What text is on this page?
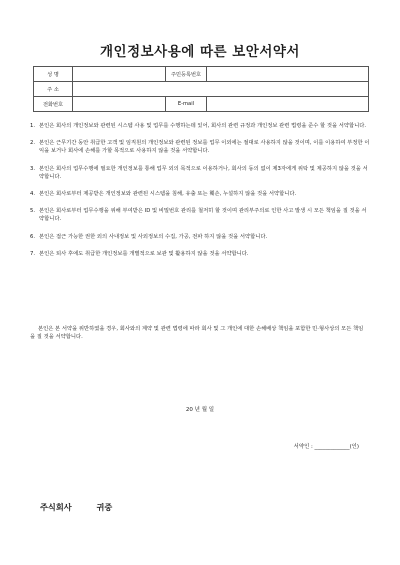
개인정보사용에 따른 보안서약서
성 명		주민등록번호	
주 소			
전화번호		E-mail	
1. 본인은 회사의 개인정보와 관련된 시스템 사용 및 업무를 수행하는데 있어, 회사의 관련 규정과 개인정보 관련 법령을 준수 할 것을 서약합니다.
2. 본인은 근무기간 동안 취급한 고객 및 임직원의 개인정보와 관련된 정보를 업무 이외에는 절대로 사용하지 않을 것이며, 이를 이용하여 부정한 이익을 보거나 회사에 손해를 가할 목적으로 사용하지 않을 것을 서약합니다.
3. 본인은 회사의 업무수행에 필요한 개인정보를 통해 업무 외의 목적으로 이용하거나, 회사의 동의 없이 제3자에게 위탁 및 제공하지 않을 것을 서약합니다.
4. 본인은 회사로부터 제공받은 개인정보와 관련된 시스템을 침해, 유출 또는 훼손, 누설하지 않을 것을 서약합니다.
5. 본인은 회사로부터 업무수행을 위해 부여받은 ID 및 비밀번호 관리를 철저히 할 것이며 관리부주의로 인한 사고 발생 시 모든 책임을 질 것을 서약합니다.
6. 본인은 접근 가능한 권한 외의 사내정보 및 사외정보의 수집, 가공, 전파 하지 않을 것을 서약합니다.
7. 본인은 퇴사 후에도 취급한 개인정보를 개별적으로 보관 및 활용하지 않을 것을 서약합니다.
본인은 본 서약을 위반하였을 경우, 회사와의 계약 및 관련 법령에 따라 회사 및 그 개인에 대한 손해배상 책임을 포함한 민·형사상의 모든 책임을 질 것을 서약합니다.
20 년 월 일
서약인 : _____________(인)
주식회사	귀중
